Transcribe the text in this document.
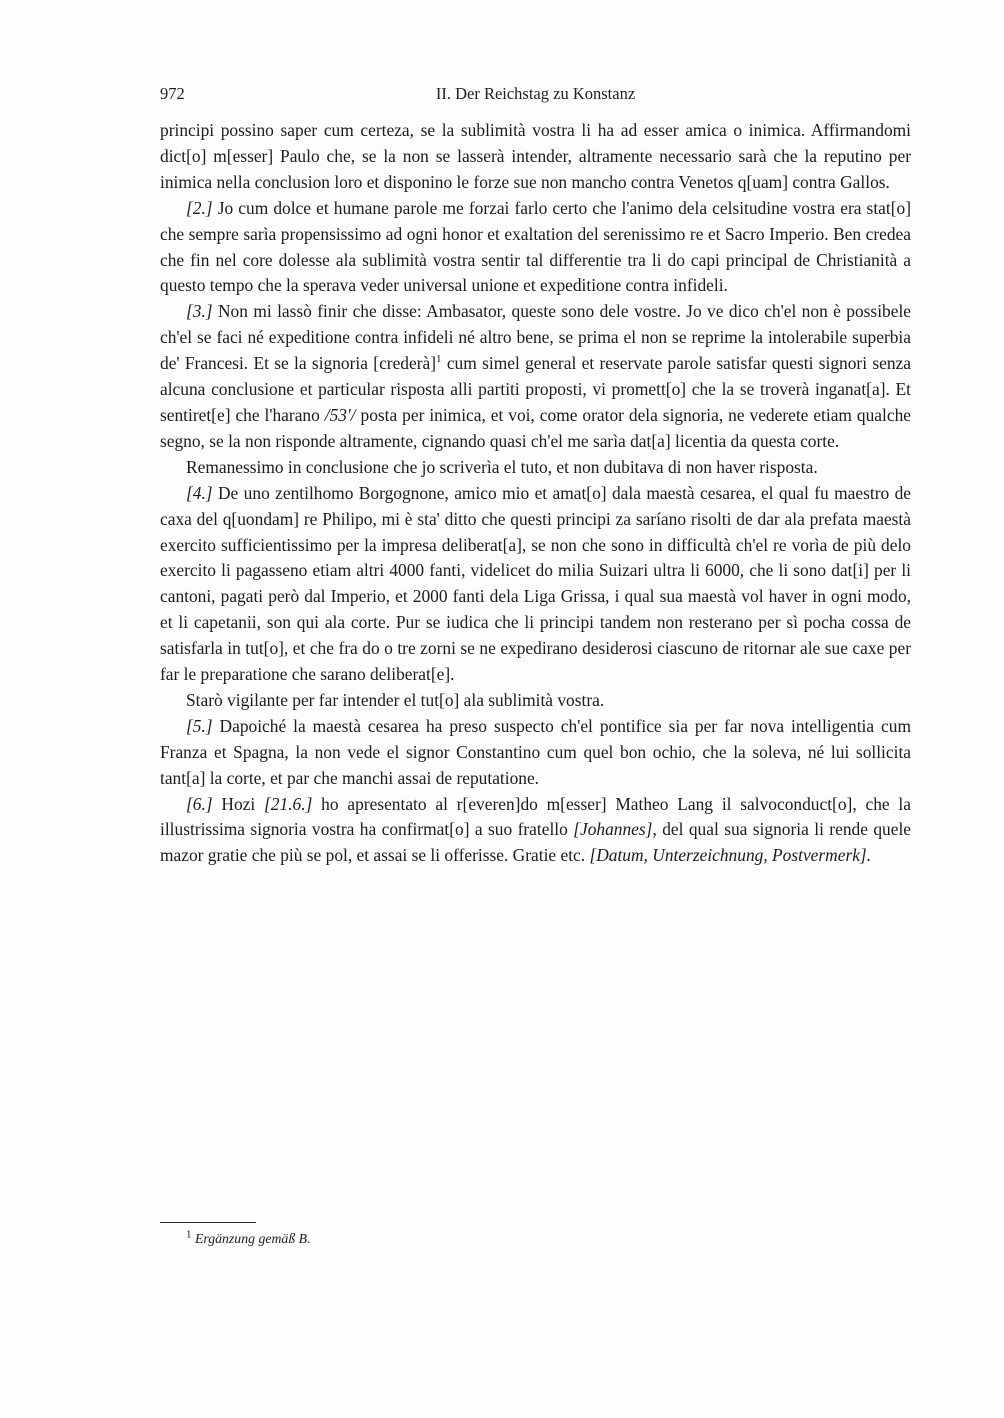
972	II. Der Reichstag zu Konstanz

principi possino saper cum certeza, se la sublimità vostra li ha ad esser amica o inimica. Affirmandomi dict[o] m[esser] Paulo che, se la non se lasserà intender, altramente necessario sarà che la reputino per inimica nella conclusion loro et disponino le forze sue non mancho contra Venetos q[uam] contra Gallos.

[2.] Jo cum dolce et humane parole me forzai farlo certo che l'animo dela celsitudine vostra era stat[o] che sempre sarìa propensissimo ad ogni honor et exaltation del serenissimo re et Sacro Imperio. Ben credea che fin nel core dolesse ala sublimità vostra sentir tal differentie tra li do capi principal de Christianità a questo tempo che la sperava veder universal unione et expeditione contra infideli.

[3.] Non mi lassò finir che disse: Ambasator, queste sono dele vostre. Jo ve dico ch'el non è possibele ch'el se faci né expeditione contra infideli né altro bene, se prima el non se reprime la intolerabile superbia de' Francesi. Et se la signoria [crederà]$^1$ cum simel general et reservate parole satisfar questi signori senza alcuna conclusione et particular risposta alli partiti proposti, vi promett[o] che la se troverà inganat[a]. Et sentiret[e] che l'harano /53'/ posta per inimica, et voi, come orator dela signoria, ne vederete etiam qualche segno, se la non risponde altramente, cignando quasi ch'el me sarìa dat[a] licentia da questa corte.

Remanessimo in conclusione che jo scriverìa el tuto, et non dubitava di non haver risposta.

[4.] De uno zentilhomo Borgognone, amico mio et amat[o] dala maestà cesarea, el qual fu maestro de caxa del q[uondam] re Philipo, mi è sta' ditto che questi principi za saríano risolti de dar ala prefata maestà exercito sufficientissimo per la impresa deliberat[a], se non che sono in difficultà ch'el re vorìa de più delo exercito li pagasseno etiam altri 4000 fanti, videlicet do milia Suizari ultra li 6000, che li sono dat[i] per li cantoni, pagati però dal Imperio, et 2000 fanti dela Liga Grissa, i qual sua maestà vol haver in ogni modo, et li capetanii, son qui ala corte. Pur se iudica che li principi tandem non resterano per sì pocha cossa de satisfarla in tut[o], et che fra do o tre zorni se ne expedirano desiderosi ciascuno de ritornar ale sue caxe per far le preparatione che sarano deliberat[e].

Starò vigilante per far intender el tut[o] ala sublimità vostra.

[5.] Dapoiché la maestà cesarea ha preso suspecto ch'el pontifice sia per far nova intelligentia cum Franza et Spagna, la non vede el signor Constantino cum quel bon ochio, che la soleva, né lui sollicita tant[a] la corte, et par che manchi assai de reputatione.

[6.] Hozi [21.6.] ho apresentato al r[everen]do m[esser] Matheo Lang il salvoconduct[o], che la illustrissima signoria vostra ha confirmat[o] a suo fratello [Johannes], del qual sua signoria li rende quele mazor gratie che più se pol, et assai se li offerisse. Gratie etc. [Datum, Unterzeichnung, Postvermerk].

$^1$ Ergänzung gemäß B.
